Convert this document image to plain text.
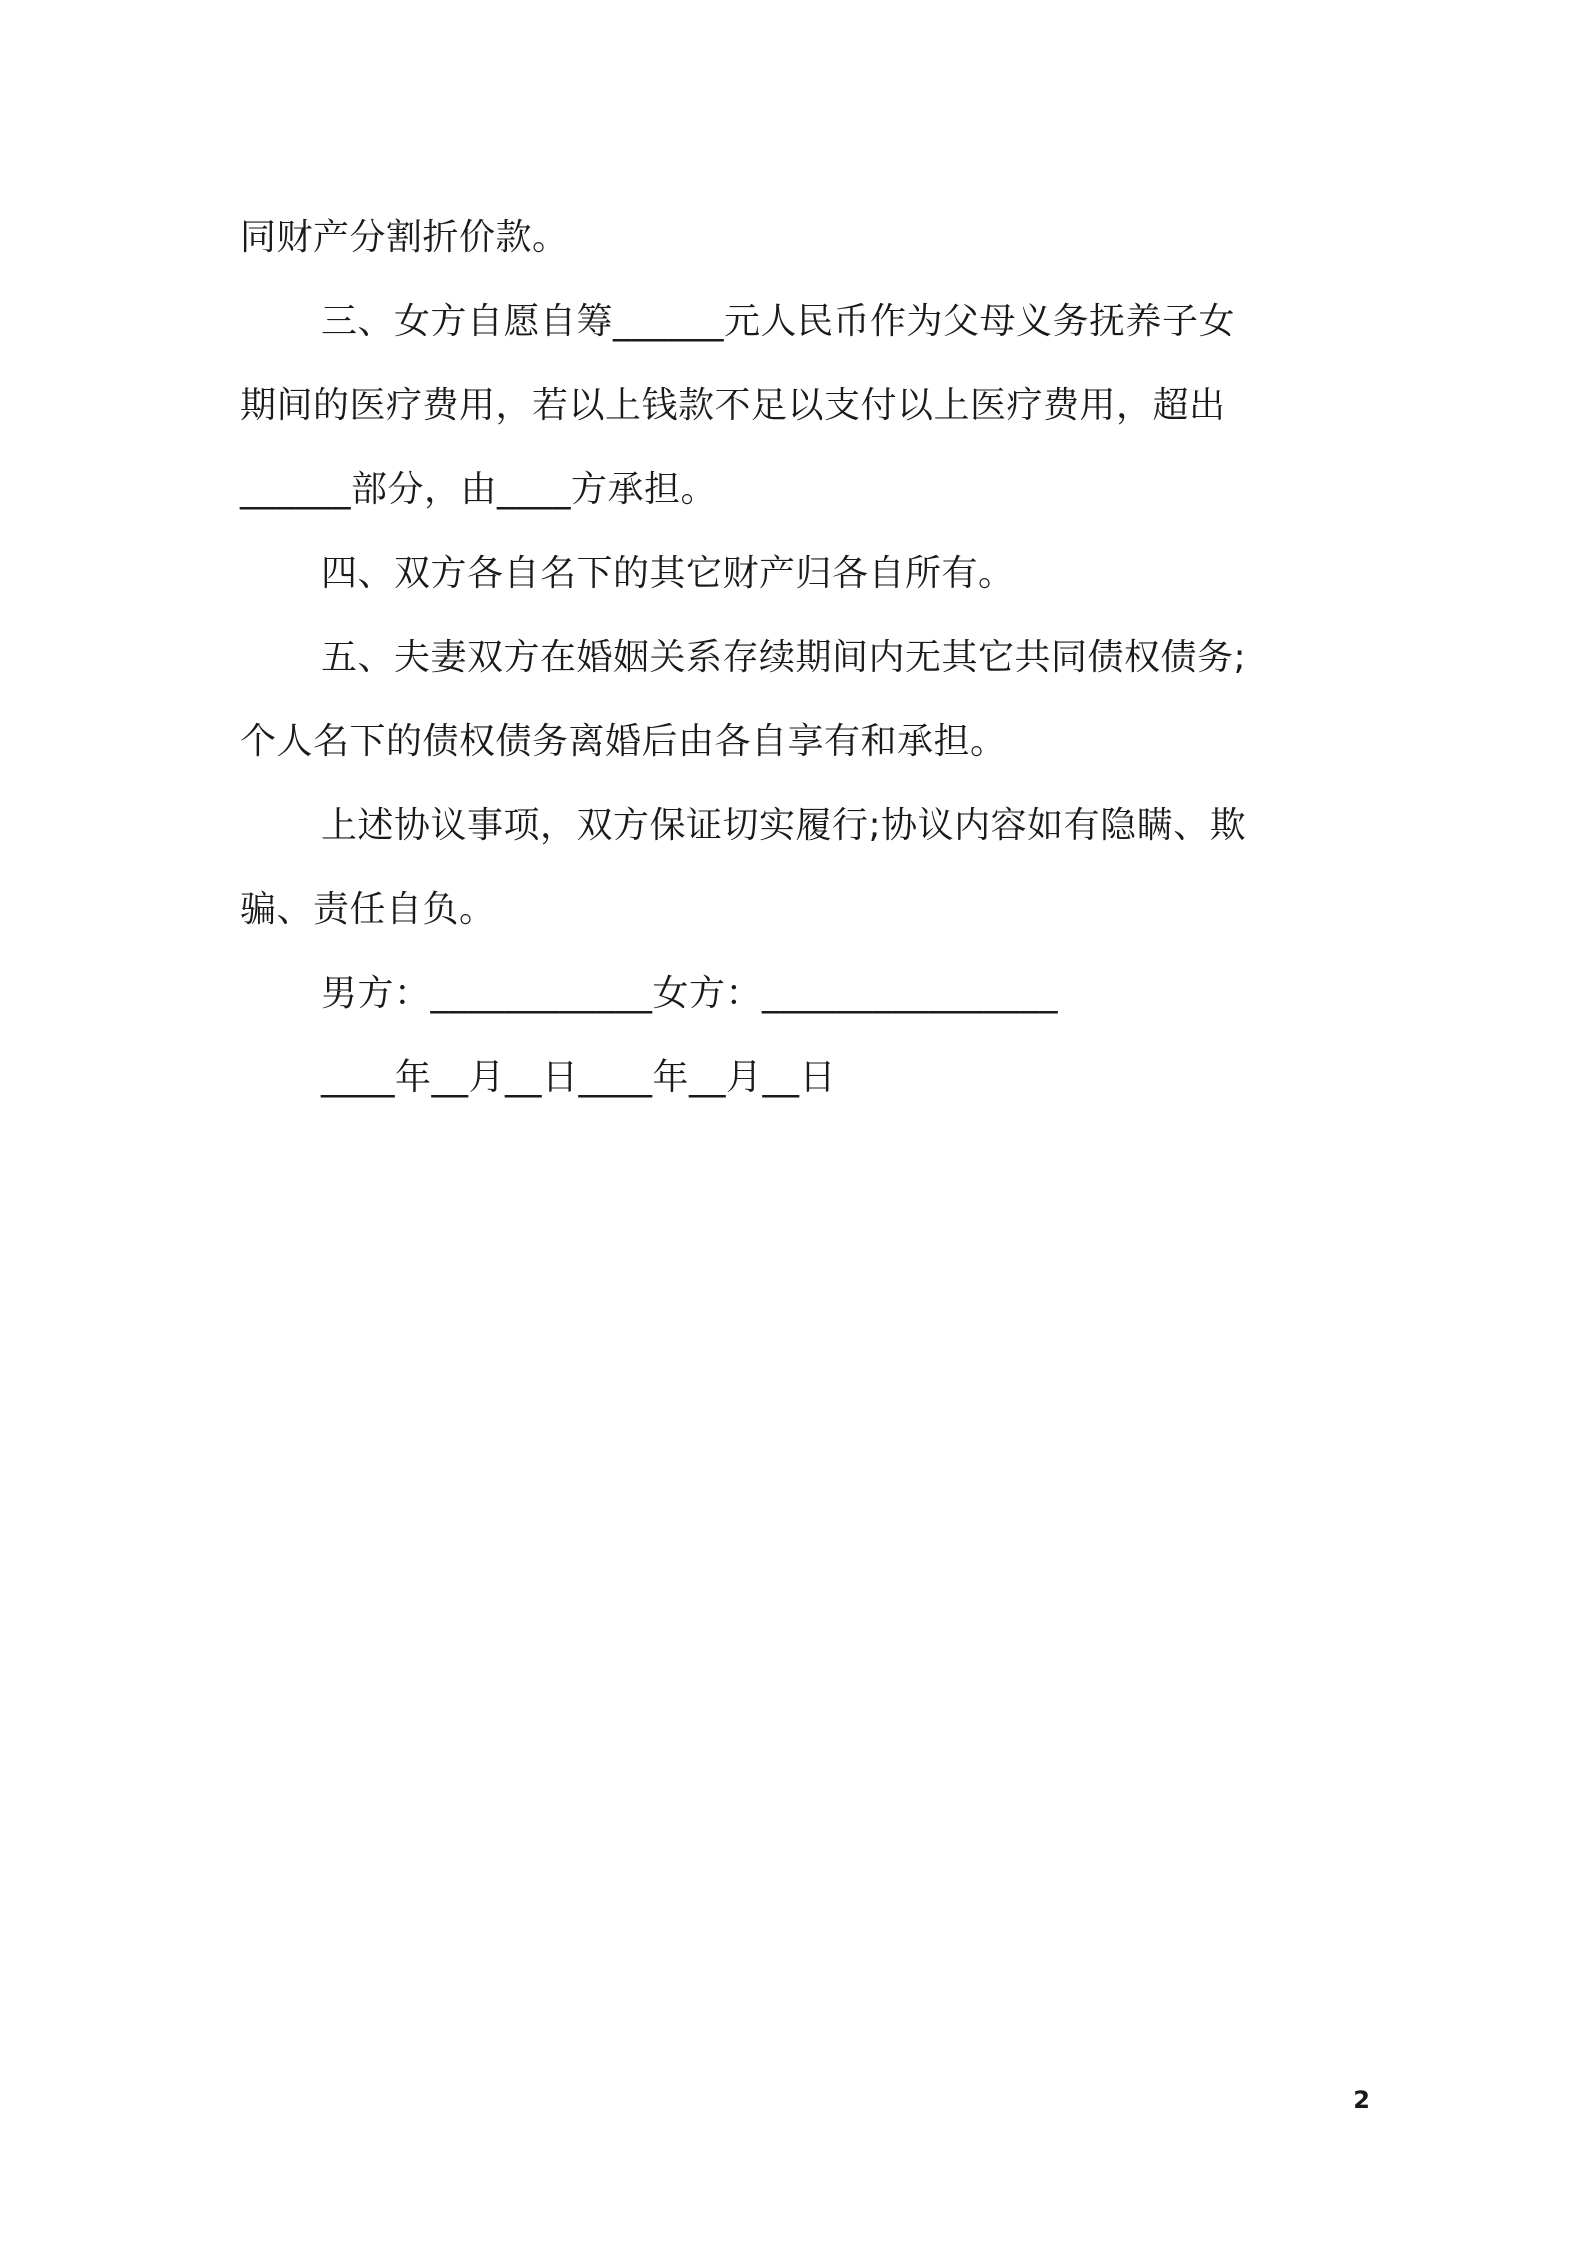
同财产分割折价款。
三、女方自愿自筹______元人民币作为父母义务抚养子女
期间的医疗费用，若以上钱款不足以支付以上医疗费用，超出
______部分，由____方承担。
四、双方各自名下的其它财产归各自所有。
五、夫妻双方在婚姻关系存续期间内无其它共同债权债务;
个人名下的债权债务离婚后由各自享有和承担。
上述协议事项，双方保证切实履行;协议内容如有隐瞒、欺
骗、责任自负。
男方：____________女方：________________
____年__月__日____年__月__日
2
